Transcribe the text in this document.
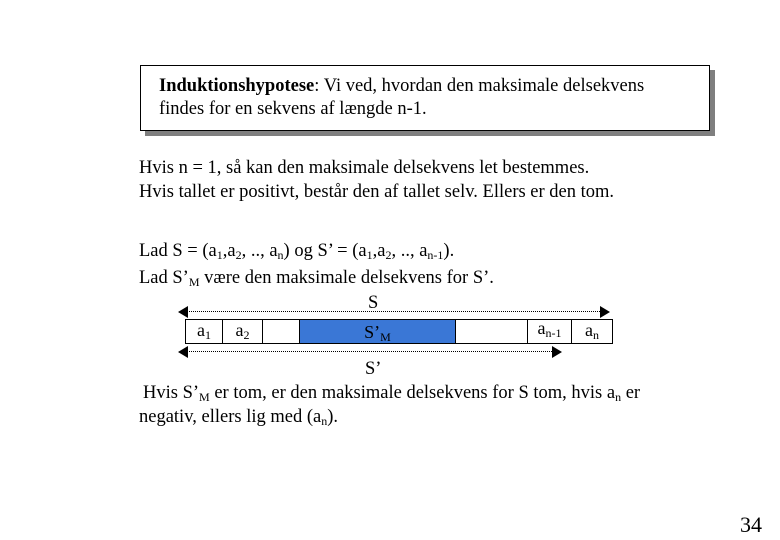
Induktionshypotese: Vi ved, hvordan den maksimale delsekvens
findes for en sekvens af længde n-1.
Hvis n = 1, så kan den maksimale delsekvens let bestemmes.
Hvis tallet er positivt, består den af tallet selv. Ellers er den tom.
Lad $S = (a_1,a_2$, .., $a_n$) og S’ = ($a_1,a_2$, .., $a_{n-1}$).
Lad $S’_M$ være den maksimale delsekvens for S’.
S
$a_1$	$a_2$	$S’_M$	$a_{n-1}$	$a_n$
S’
Hvis $S’_M$ er tom, er den maksimale delsekvens for S tom, hvis $a_n$ er
negativ, ellers lig med $(a_n)$.
34
